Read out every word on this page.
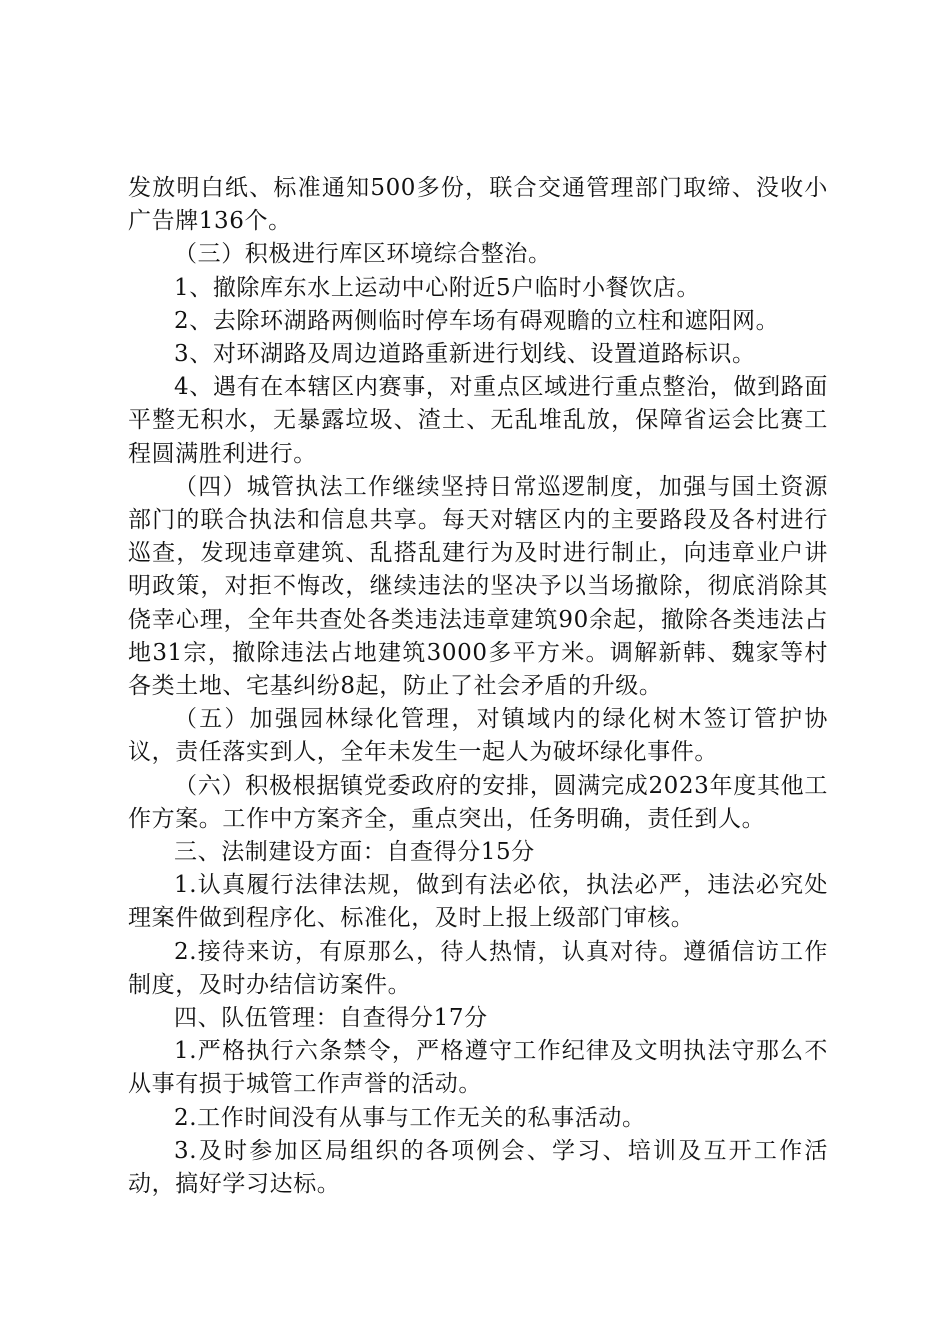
发放明白纸、标准通知500多份，联合交通管理部门取缔、没收小广告牌136个。

（三）积极进行库区环境综合整治。

1、撤除库东水上运动中心附近5户临时小餐饮店。

2、去除环湖路两侧临时停车场有碍观瞻的立柱和遮阳网。

3、对环湖路及周边道路重新进行划线、设置道路标识。

4、遇有在本辖区内赛事，对重点区域进行重点整治，做到路面平整无积水，无暴露垃圾、渣土、无乱堆乱放，保障省运会比赛工程圆满胜利进行。

（四）城管执法工作继续坚持日常巡逻制度，加强与国土资源部门的联合执法和信息共享。每天对辖区内的主要路段及各村进行巡查，发现违章建筑、乱搭乱建行为及时进行制止，向违章业户讲明政策，对拒不悔改，继续违法的坚决予以当场撤除，彻底消除其侥幸心理，全年共查处各类违法违章建筑90余起，撤除各类违法占地31宗，撤除违法占地建筑3000多平方米。调解新韩、魏家等村各类土地、宅基纠纷8起，防止了社会矛盾的升级。

（五）加强园林绿化管理，对镇域内的绿化树木签订管护协议，责任落实到人，全年未发生一起人为破坏绿化事件。

（六）积极根据镇党委政府的安排，圆满完成2023年度其他工作方案。工作中方案齐全，重点突出，任务明确，责任到人。

三、法制建设方面：自查得分15分

1.认真履行法律法规，做到有法必依，执法必严，违法必究处理案件做到程序化、标准化，及时上报上级部门审核。

2.接待来访，有原那么，待人热情，认真对待。遵循信访工作制度，及时办结信访案件。

四、队伍管理：自查得分17分

1.严格执行六条禁令，严格遵守工作纪律及文明执法守那么不从事有损于城管工作声誉的活动。

2.工作时间没有从事与工作无关的私事活动。

3.及时参加区局组织的各项例会、学习、培训及互开工作活动，搞好学习达标。
